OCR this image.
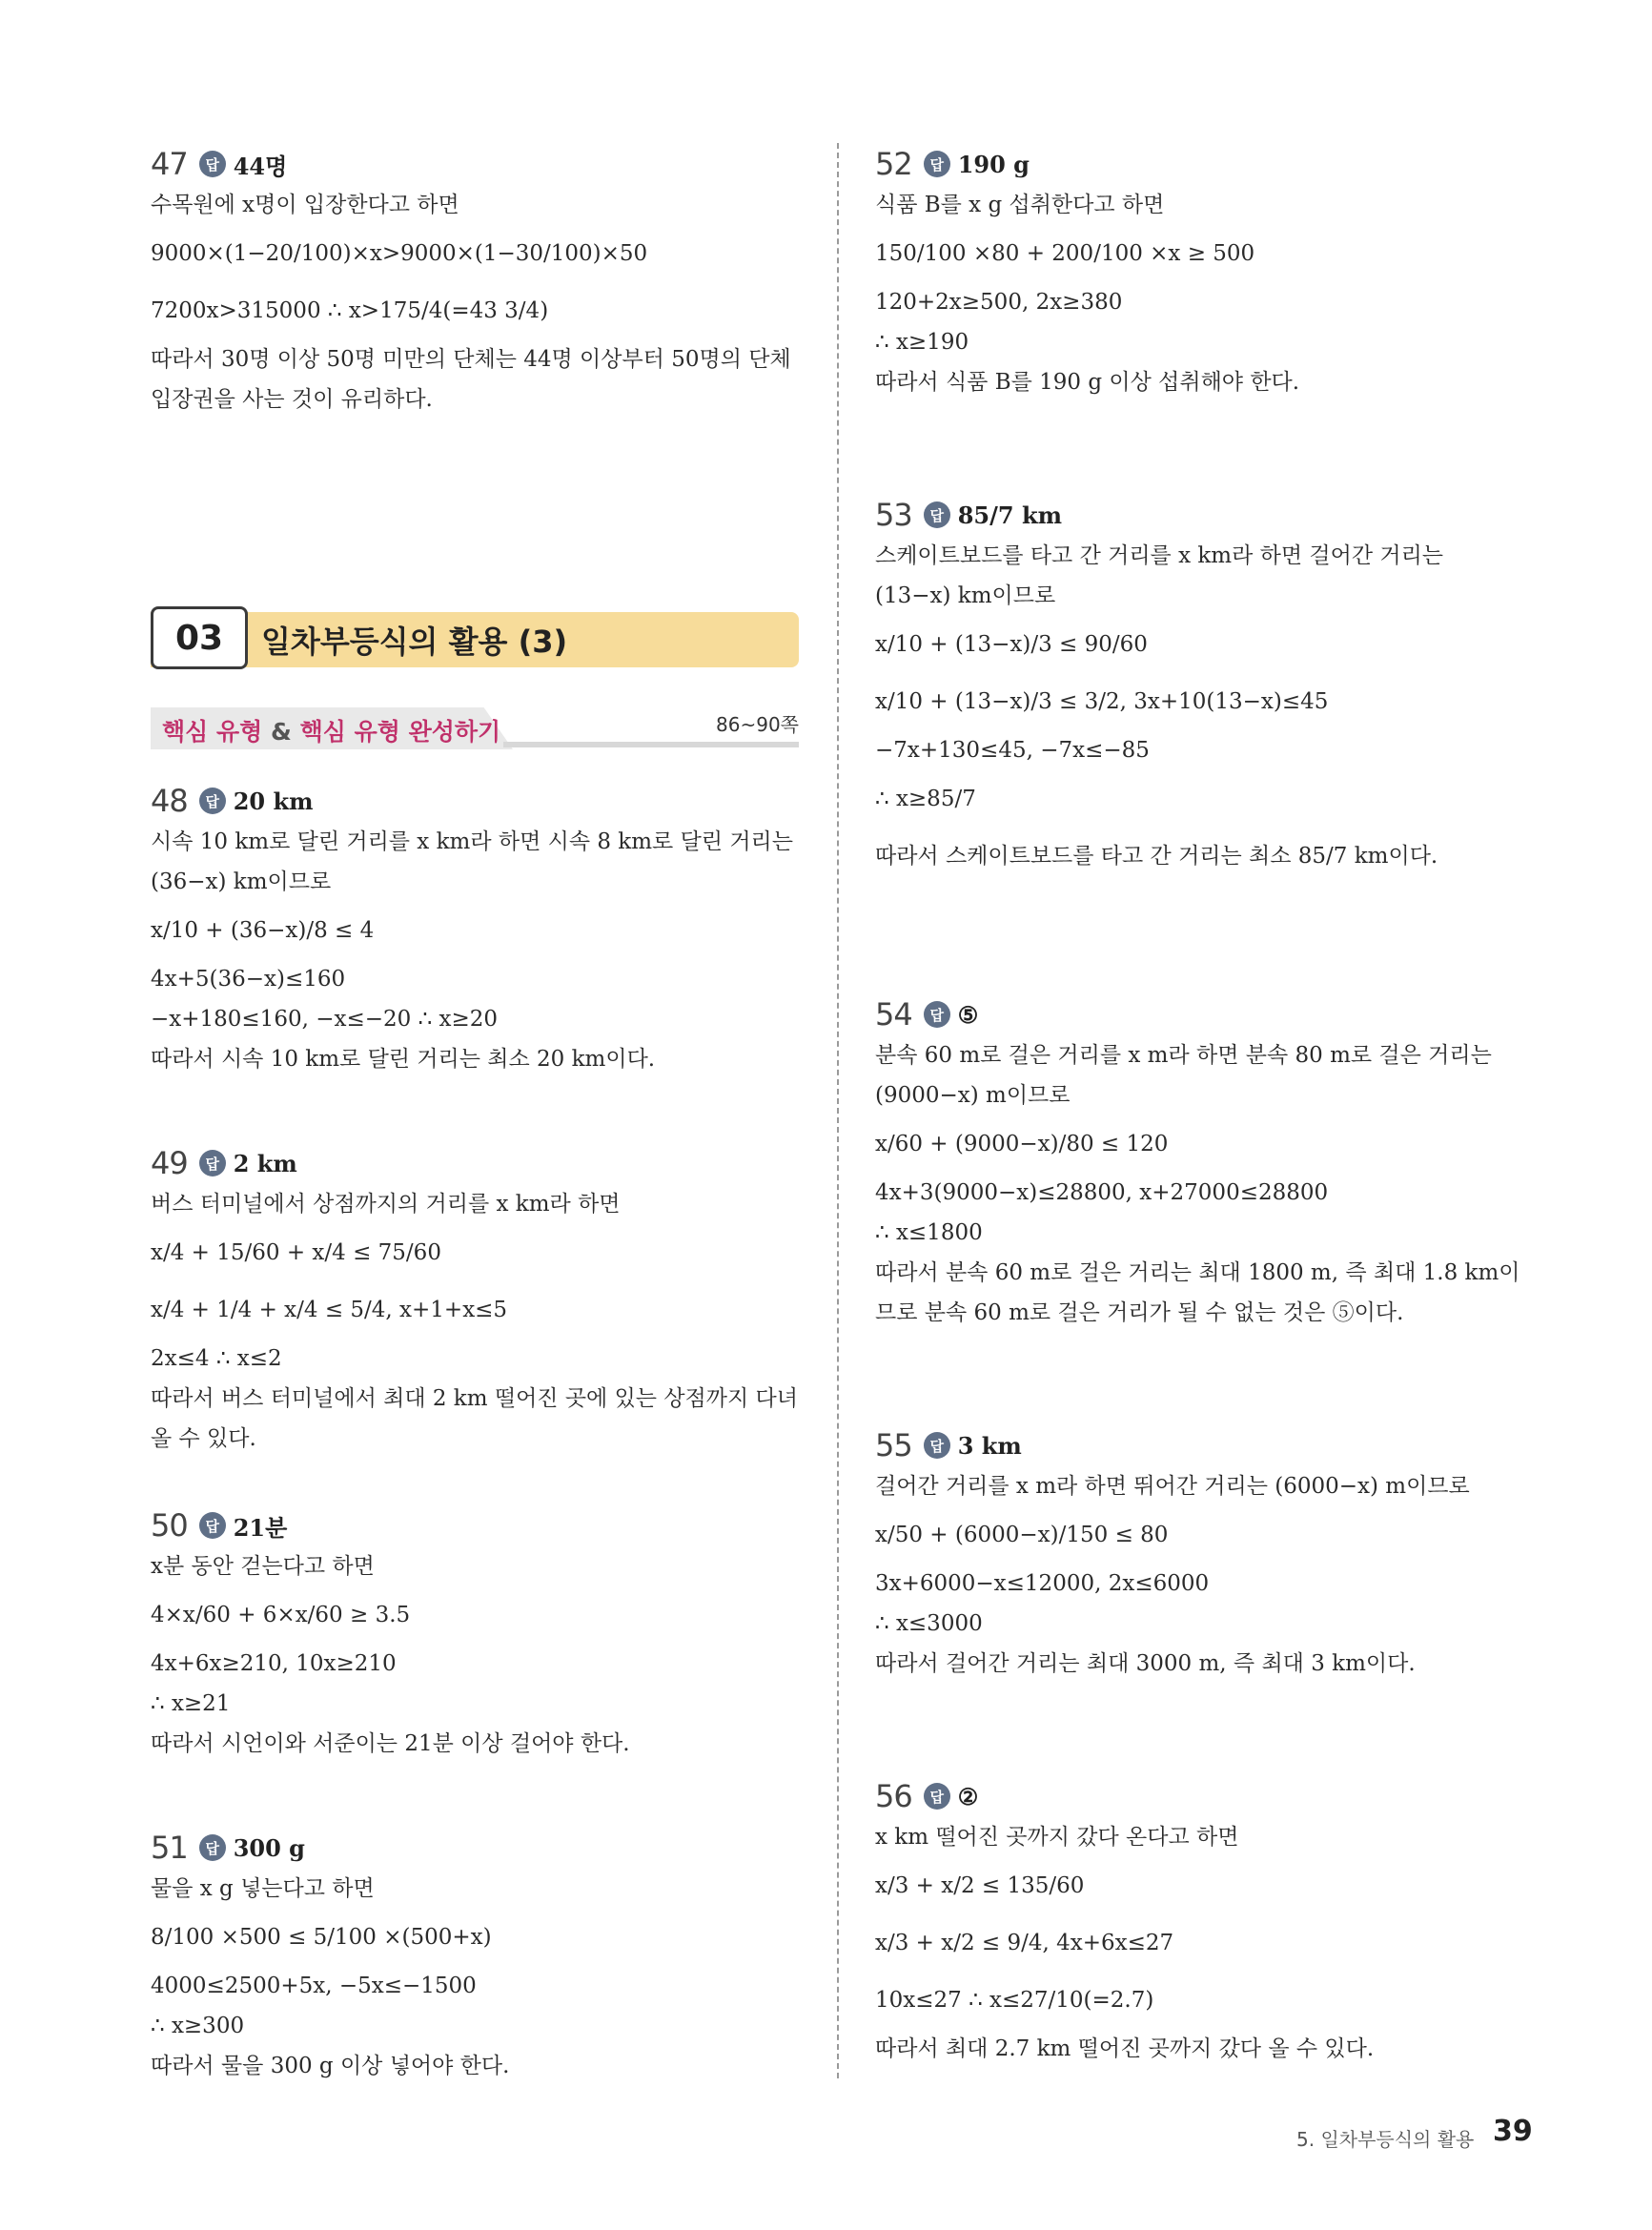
47	답 44명
수목원에 x명이 입장한다고 하면
9000×(1−20/100)×x>9000×(1−30/100)×50
7200x>315000 ∴ x>175/4(=43 3/4)
따라서 30명 이상 50명 미만의 단체는 44명 이상부터 50명의 단체 입장권을 사는 것이 유리하다.
03	일차부등식의 활용 (3)
핵심 유형 & 핵심 유형 완성하기	86~90쪽
48	답 20 km
시속 10 km로 달린 거리를 x km라 하면 시속 8 km로 달린 거리는
(36−x) km이므로
x/10 + (36−x)/8 ≤ 4
4x+5(36−x)≤160
−x+180≤160, −x≤−20 ∴ x≥20
따라서 시속 10 km로 달린 거리는 최소 20 km이다.
49	답 2 km
버스 터미널에서 상점까지의 거리를 x km라 하면
x/4 + 15/60 + x/4 ≤ 75/60
x/4 + 1/4 + x/4 ≤ 5/4, x+1+x≤5
2x≤4 ∴ x≤2
따라서 버스 터미널에서 최대 2 km 떨어진 곳에 있는 상점까지 다녀올 수 있다.
50	답 21분
x분 동안 걷는다고 하면
4×x/60 + 6×x/60 ≥ 3.5
4x+6x≥210, 10x≥210
∴ x≥21
따라서 시언이와 서준이는 21분 이상 걸어야 한다.
51	답 300 g
물을 x g 넣는다고 하면
8/100 ×500 ≤ 5/100 ×(500+x)
4000≤2500+5x, −5x≤−1500
∴ x≥300
따라서 물을 300 g 이상 넣어야 한다.
52	답 190 g
식품 B를 x g 섭취한다고 하면
150/100 ×80 + 200/100 ×x ≥ 500
120+2x≥500, 2x≥380
∴ x≥190
따라서 식품 B를 190 g 이상 섭취해야 한다.
53	답 85/7 km
스케이트보드를 타고 간 거리를 x km라 하면 걸어간 거리는
(13−x) km이므로
x/10 + (13−x)/3 ≤ 90/60
x/10 + (13−x)/3 ≤ 3/2, 3x+10(13−x)≤45
−7x+130≤45, −7x≤−85
∴ x≥85/7
따라서 스케이트보드를 타고 간 거리는 최소 85/7 km이다.
54	답 ⑤
분속 60 m로 걸은 거리를 x m라 하면 분속 80 m로 걸은 거리는
(9000−x) m이므로
x/60 + (9000−x)/80 ≤ 120
4x+3(9000−x)≤28800, x+27000≤28800
∴ x≤1800
따라서 분속 60 m로 걸은 거리는 최대 1800 m, 즉 최대 1.8 km이므로 분속 60 m로 걸은 거리가 될 수 없는 것은 ⑤이다.
55	답 3 km
걸어간 거리를 x m라 하면 뛰어간 거리는 (6000−x) m이므로
x/50 + (6000−x)/150 ≤ 80
3x+6000−x≤12000, 2x≤6000
∴ x≤3000
따라서 걸어간 거리는 최대 3000 m, 즉 최대 3 km이다.
56	답 ②
x km 떨어진 곳까지 갔다 온다고 하면
x/3 + x/2 ≤ 135/60
x/3 + x/2 ≤ 9/4, 4x+6x≤27
10x≤27 ∴ x≤27/10(=2.7)
따라서 최대 2.7 km 떨어진 곳까지 갔다 올 수 있다.
5. 일차부등식의 활용 39
